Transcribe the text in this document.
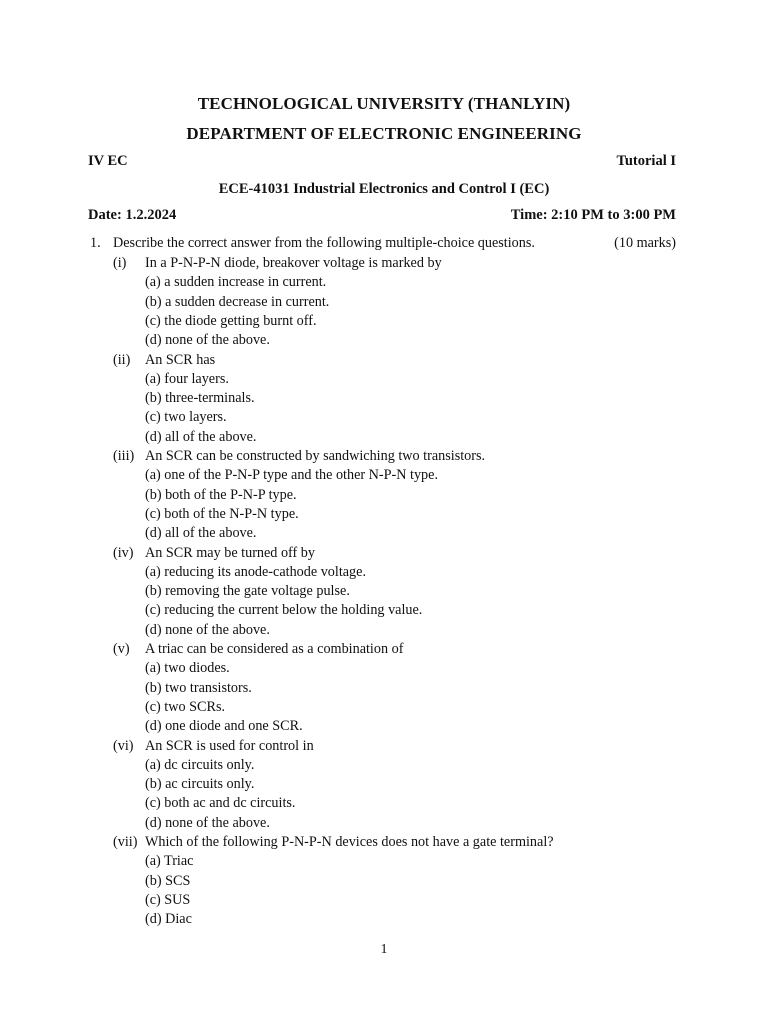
TECHNOLOGICAL UNIVERSITY (THANLYIN)
DEPARTMENT OF ELECTRONIC ENGINEERING
IV EC	Tutorial I
ECE-41031 Industrial Electronics and Control I (EC)
Date: 1.2.2024	Time: 2:10 PM to 3:00 PM
1. Describe the correct answer from the following multiple-choice questions.	(10 marks)
(i) In a P-N-P-N diode, breakover voltage is marked by
(a) a sudden increase in current.
(b) a sudden decrease in current.
(c) the diode getting burnt off.
(d) none of the above.
(ii) An SCR has
(a) four layers.
(b) three-terminals.
(c) two layers.
(d) all of the above.
(iii) An SCR can be constructed by sandwiching two transistors.
(a) one of the P-N-P type and the other N-P-N type.
(b) both of the P-N-P type.
(c) both of the N-P-N type.
(d) all of the above.
(iv) An SCR may be turned off by
(a) reducing its anode-cathode voltage.
(b) removing the gate voltage pulse.
(c) reducing the current below the holding value.
(d) none of the above.
(v) A triac can be considered as a combination of
(a) two diodes.
(b) two transistors.
(c) two SCRs.
(d) one diode and one SCR.
(vi) An SCR is used for control in
(a) dc circuits only.
(b) ac circuits only.
(c) both ac and dc circuits.
(d) none of the above.
(vii) Which of the following P-N-P-N devices does not have a gate terminal?
(a) Triac
(b) SCS
(c) SUS
(d) Diac
1
